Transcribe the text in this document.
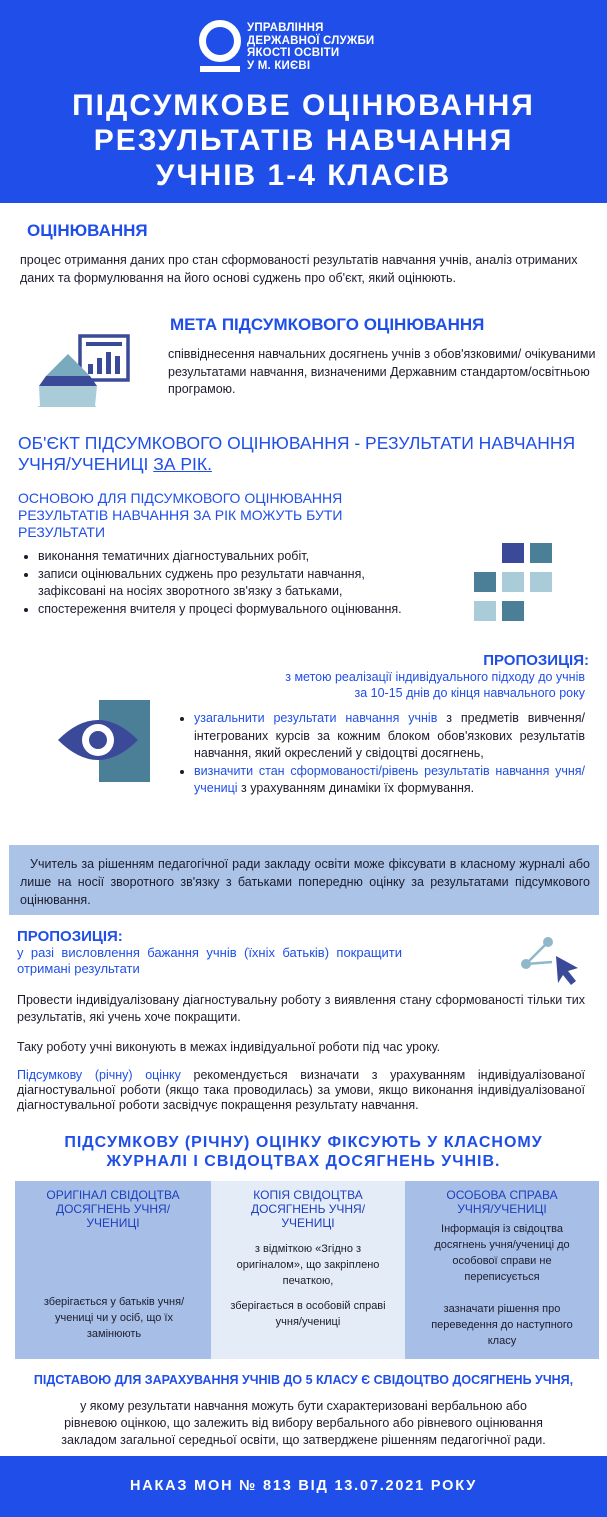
УПРАВЛІННЯ
ДЕРЖАВНОЇ СЛУЖБИ
ЯКОСТІ ОСВІТИ
У М. КИЄВІ
ПІДСУМКОВЕ ОЦІНЮВАННЯ
РЕЗУЛЬТАТІВ НАВЧАННЯ
УЧНІВ 1-4 КЛАСІВ
ОЦІНЮВАННЯ
процес отримання даних про стан сформованості результатів навчання учнів, аналіз отриманих даних та формулювання на його основі суджень про об'єкт, який оцінюють.
МЕТА ПІДСУМКОВОГО ОЦІНЮВАННЯ
співвіднесення навчальних досягнень учнів з обов'язковими/ очікуваними результатами навчання, визначеними Державним стандартом/освітньою програмою.
ОБ'ЄКТ ПІДСУМКОВОГО ОЦІНЮВАННЯ - РЕЗУЛЬТАТИ НАВЧАННЯ УЧНЯ/УЧЕНИЦІ ЗА РІК.
ОСНОВОЮ ДЛЯ ПІДСУМКОВОГО ОЦІНЮВАННЯ РЕЗУЛЬТАТІВ НАВЧАННЯ ЗА РІК МОЖУТЬ БУТИ РЕЗУЛЬТАТИ
• виконання тематичних діагностувальних робіт,
• записи оцінювальних суджень про результати навчання, зафіксовані на носіях зворотного зв'язку з батьками,
• спостереження вчителя у процесі формувального оцінювання.
ПРОПОЗИЦІЯ:
з метою реалізації індивідуального підходу до учнів
за 10-15 днів до кінця навчального року
• узагальнити результати навчання учнів з предметів вивчення/інтегрованих курсів за кожним блоком обов'язкових результатів навчання, який окреслений у свідоцтві досягнень,
• визначити стан сформованості/рівень результатів навчання учня/учениці з урахуванням динаміки їх формування.
Учитель за рішенням педагогічної ради закладу освіти може фіксувати в класному журналі або лише на носії зворотного зв'язку з батьками попередню оцінку за результатами підсумкового оцінювання.
ПРОПОЗИЦІЯ:
у разі висловлення бажання учнів (їхніх батьків) покращити отримані результати
Провести індивідуалізовану діагностувальну роботу з виявлення стану сформованості тільки тих результатів, які учень хоче покращити.
Таку роботу учні виконують в межах індивідуальної роботи під час уроку.
Підсумкову (річну) оцінку рекомендується визначати з урахуванням індивідуалізованої діагностувальної роботи (якщо така проводилась) за умови, якщо виконання індивідуалізованої діагностувальної роботи засвідчує покращення результату навчання.
ПІДСУМКОВУ (РІЧНУ) ОЦІНКУ ФІКСУЮТЬ У КЛАСНОМУ
ЖУРНАЛІ І СВІДОЦТВАХ ДОСЯГНЕНЬ УЧНІВ.
ОРИГІНАЛ СВІДОЦТВА ДОСЯГНЕНЬ УЧНЯ/ УЧЕНИЦІ
зберігається у батьків учня/ учениці чи у осіб, що їх замінюють
КОПІЯ СВІДОЦТВА ДОСЯГНЕНЬ УЧНЯ/ УЧЕНИЦІ
з відміткою «Згідно з оригіналом», що закріплено печаткою,
зберігається в особовій справі учня/учениці
ОСОБОВА СПРАВА УЧНЯ/УЧЕНИЦІ
Інформація із свідоцтва досягнень учня/учениці до особової справи не переписується
зазначати рішення про переведення до наступного класу
ПІДСТАВОЮ ДЛЯ ЗАРАХУВАННЯ УЧНІВ ДО 5 КЛАСУ Є СВІДОЦТВО ДОСЯГНЕНЬ УЧНЯ,
у якому результати навчання можуть бути схарактеризовані вербальною або рівневою оцінкою, що залежить від вибору вербального або рівневого оцінювання закладом загальної середньої освіти, що затверджене рішенням педагогічної ради.
НАКАЗ МОН № 813 ВІД 13.07.2021 РОКУ
